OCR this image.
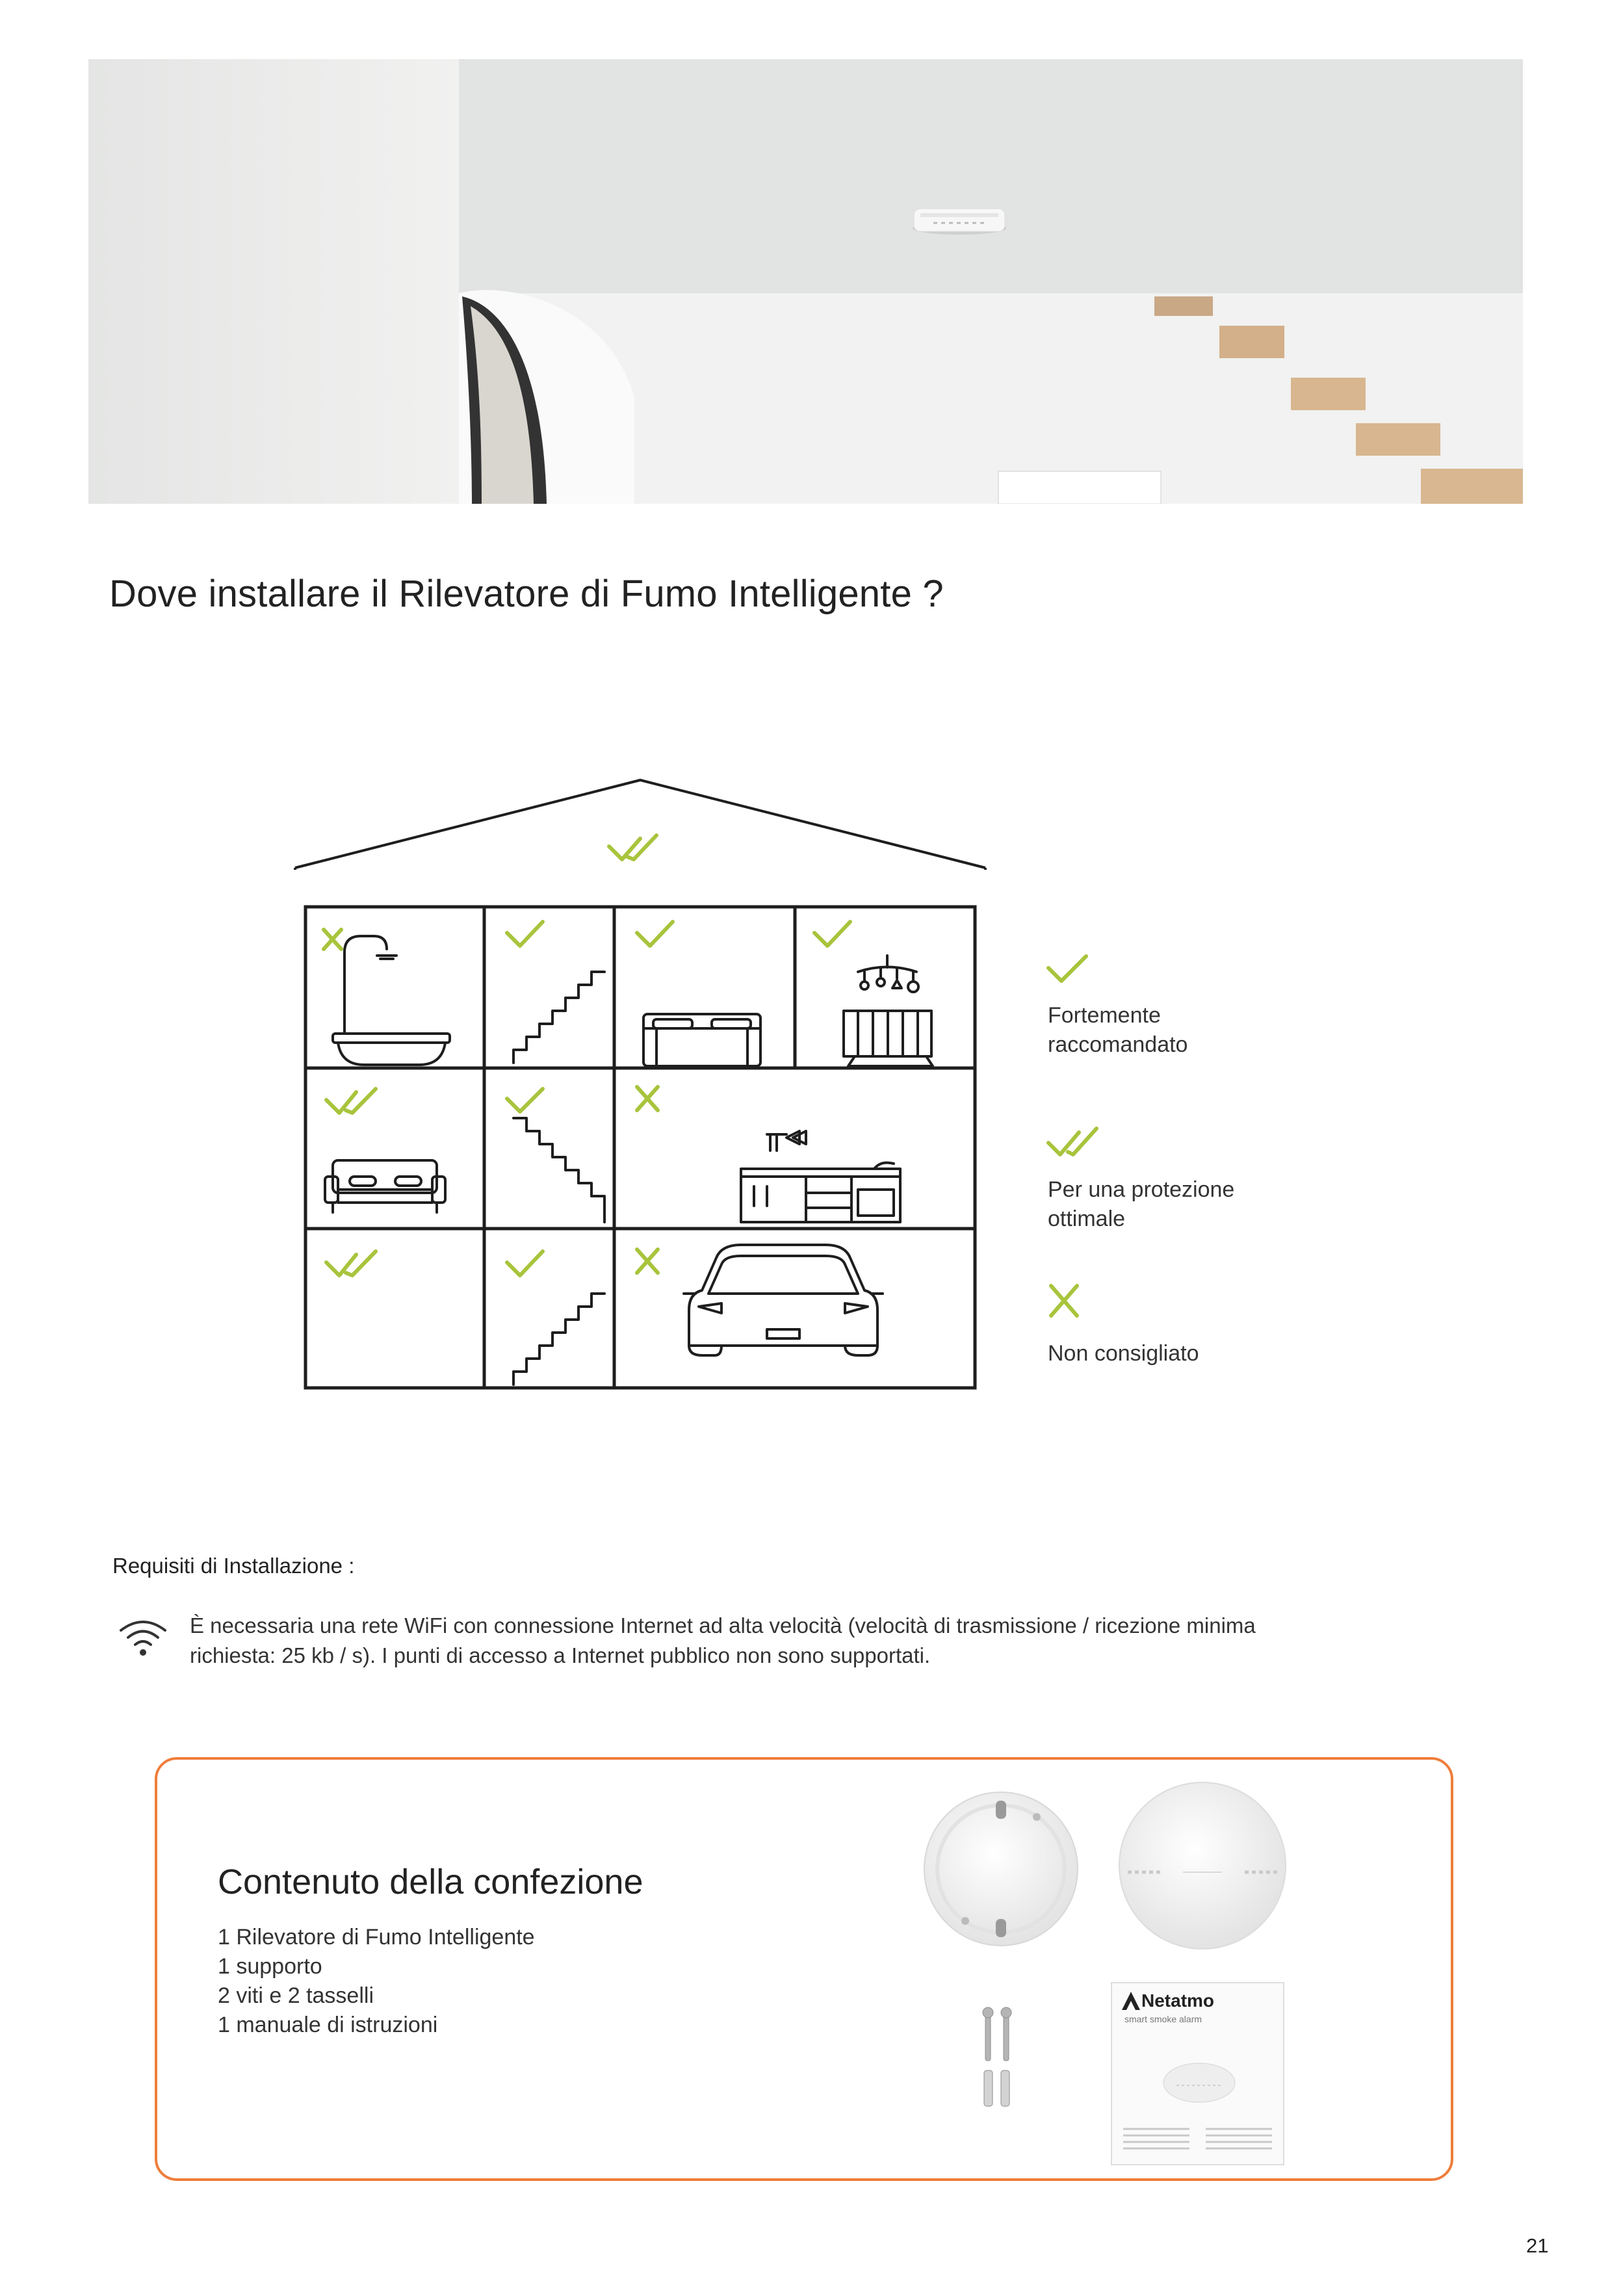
Dove installare il Rilevatore di Fumo Intelligente ?
Fortemente
raccomandato
Per una protezione
ottimale
Non consigliato
Requisiti di Installazione :
È necessaria una rete WiFi con connessione Internet ad alta velocità (velocità di trasmissione / ricezione minima
richiesta: 25 kb / s). I punti di accesso a Internet pubblico non sono supportati.
Contenuto della confezione
1 Rilevatore di Fumo Intelligente
1 supporto
2 viti e 2 tasselli
1 manuale di istruzioni
Netatmo
smart smoke alarm
21
